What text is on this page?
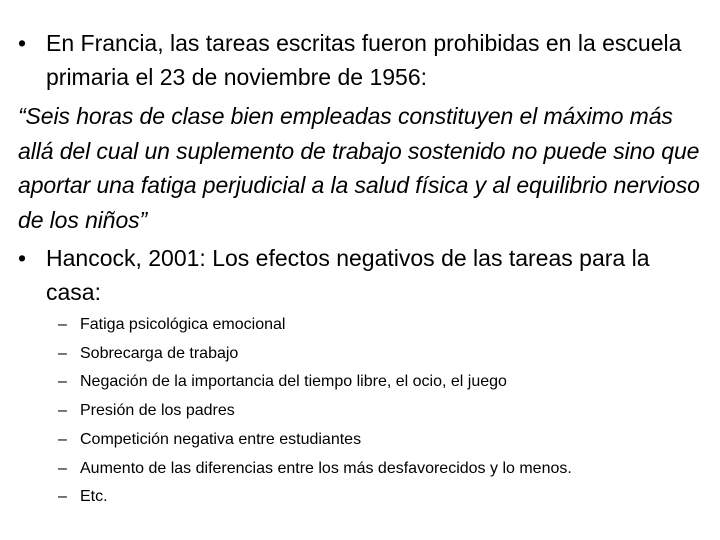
• En Francia, las tareas escritas fueron prohibidas en la escuela primaria el 23 de noviembre de 1956:
“Seis horas de clase bien empleadas constituyen el máximo más allá del cual un suplemento de trabajo sostenido no puede sino que aportar una fatiga perjudicial a la salud física y al equilibrio nervioso de los niños”
• Hancock, 2001: Los efectos negativos de las tareas para la casa:
– Fatiga psicológica emocional
– Sobrecarga de trabajo
– Negación de la importancia del tiempo libre, el ocio, el juego
– Presión de los padres
– Competición negativa entre estudiantes
– Aumento de las diferencias entre los más desfavorecidos y lo menos.
– Etc.
